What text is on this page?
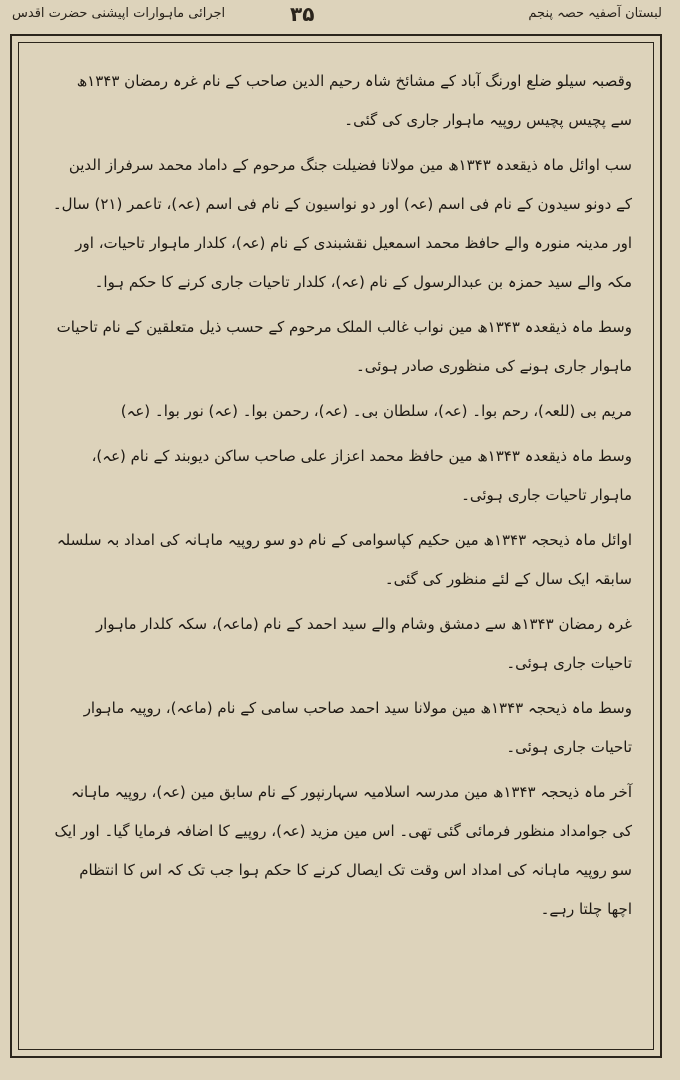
لبستان آصفیہ حصہ پنجم
۳۵
اجرائی ماہوارات اپیشنی حضرت اقدس

وقصبہ سیلو ضلع اورنگ آباد کے مشائخ شاہ رحیم الدین صاحب کے نام غرہ رمضان ۱۳۴۳ھ سے پچیس پچیس روپیہ ماہوار جاری کی گئی۔

سب اوائل ماہ ذیقعدہ ۱۳۴۳ھ مین مولانا فضیلت جنگ مرحوم کے داماد محمد سرفراز الدین کے دونو سیدون کے نام فی اسم (عہ) اور دو نواسیون کے نام فی اسم (عہ)، تاعمر (۲۱) سال۔ اور مدینہ منورہ والے حافظ محمد اسمعیل نقشبندی کے نام (عہ)، کلدار ماہوار تاحیات، اور مکہ والے سید حمزہ بن عبدالرسول کے نام (عہ)، کلدار تاحیات جاری کرنے کا حکم ہوا۔

وسط ماہ ذیقعدہ ۱۳۴۳ھ مین نواب غالب الملک مرحوم کے حسب ذیل متعلقین کے نام تاحیات ماہوار جاری ہونے کی منظوری صادر ہوئی۔

مریم بی (للعہ)، رحم بوا۔ (عہ)، سلطان بی۔ (عہ)، رحمن بوا۔ (عہ) نور بوا۔ (عہ)

وسط ماہ ذیقعدہ ۱۳۴۳ھ مین حافظ محمد اعزاز علی صاحب ساکن دیوبند کے نام (عہ)، ماہوار تاحیات جاری ہوئی۔

اوائل ماہ ذیحجہ ۱۳۴۳ھ مین حکیم کپاسوامی کے نام دو سو روپیہ ماہانہ کی امداد بہ سلسلہ سابقہ ایک سال کے لئے منظور کی گئی۔

غرہ رمضان ۱۳۴۳ھ سے دمشق وشام والے سید احمد کے نام (ماعہ)، سکہ کلدار ماہوار تاحیات جاری ہوئی۔

وسط ماہ ذیحجہ ۱۳۴۳ھ مین مولانا سید احمد صاحب سامی کے نام (ماعہ)، روپیہ ماہوار تاحیات جاری ہوئی۔

آخر ماہ ذیحجہ ۱۳۴۳ھ مین مدرسہ اسلامیہ سہارنپور کے نام سابق مین (عہ)، روپیہ ماہانہ کی جوامداد منظور فرمائی گئی تھی۔ اس مین مزید (عہ)، روپیے کا اضافہ فرمایا گیا۔ اور ایک سو روپیہ ماہانہ کی امداد اس وقت تک ایصال کرنے کا حکم ہوا جب تک کہ اس کا انتظام اچھا چلتا رہے۔
